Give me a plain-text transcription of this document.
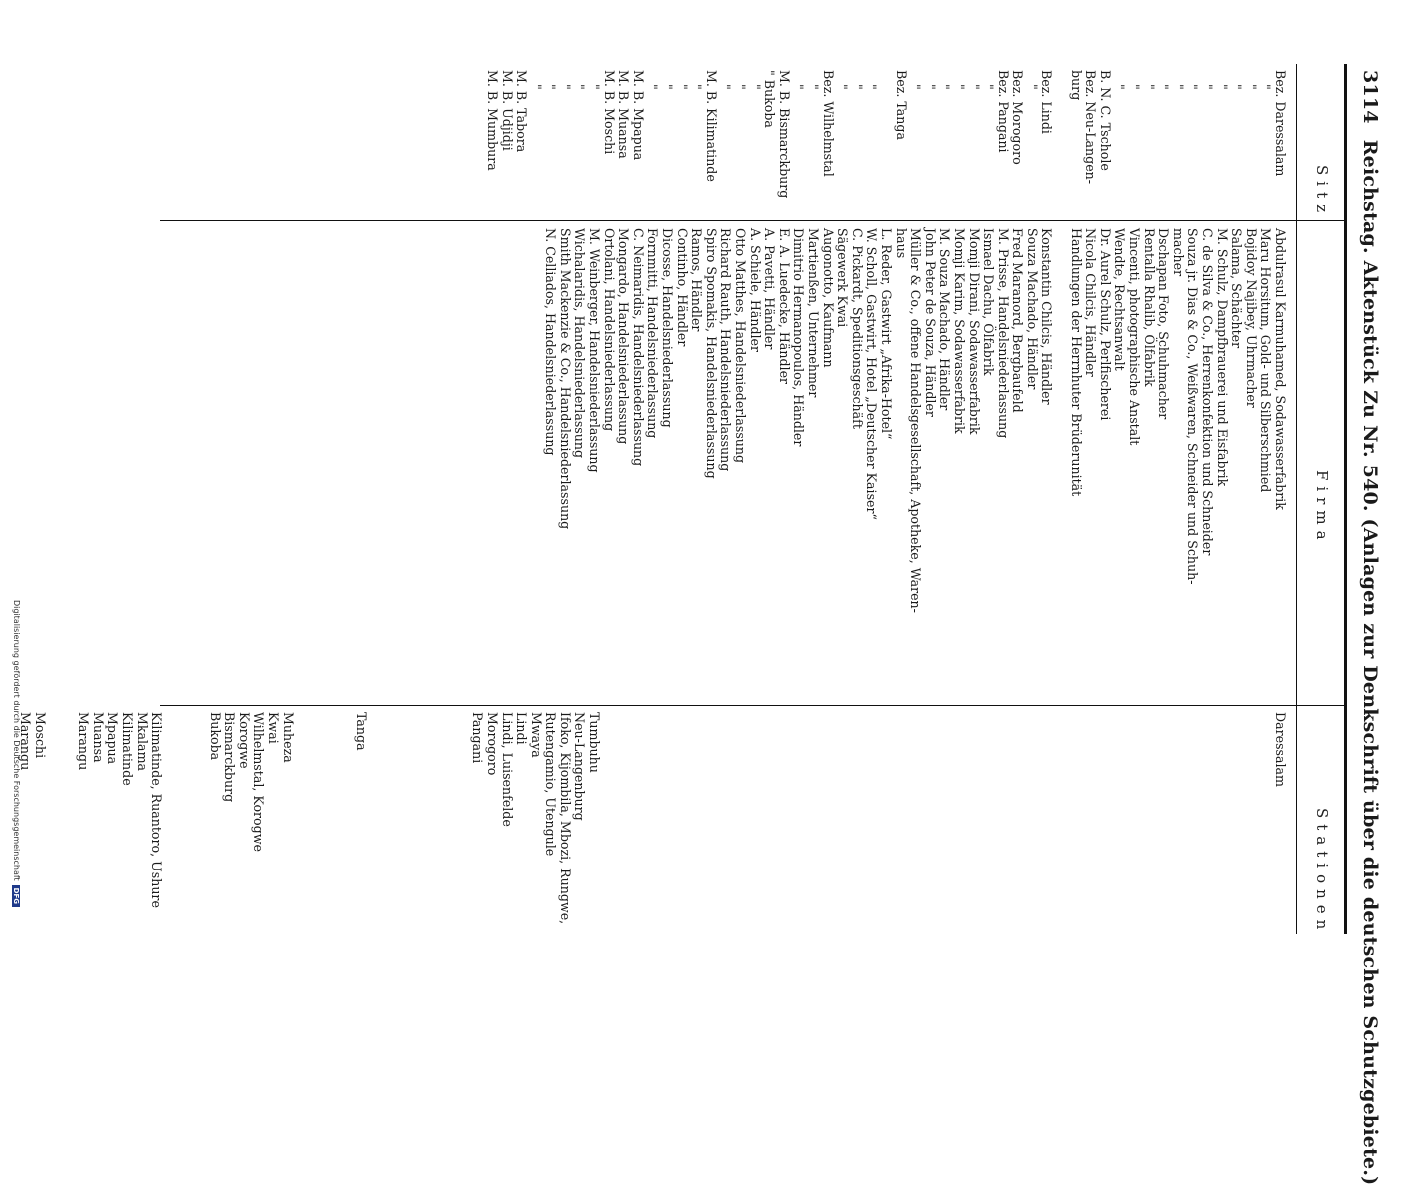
3114Reichstag. Aktenstück Zu Nr. 540. (Anlagen zur Denkschrift über die deutschen Schutzgebiete.)
Sitz
Firma
Stationen
Bez. Daressalam
"
"
"
"
"
"
"
"
"
"
"
B. N. C. Tschole
Bez. Neu-Langen-
burg
Bez. Lindi
"
Bez. Morogoro
Bez. Pangani
"
"
"
"
"
"
Bez. Tanga
"
"
"
Bez. Wilhelmstal
"
"
M. B. Bismarckburg
" Bukoba
"
"
"
M. B. Kilimatinde
"
"
"
"
M. B. Mpapua
M. B. Muansa
M. B. Moschi
"
"
"
"
"
M. B. Tabora
M. B. Udjidji
M. B. Mumbura
Abdulrasul Karmuhamed, Sodawasserfabrik
Maru Horsitum, Gold- und Silberschmied
Bojidoy Najibey, Uhrmacher
Salama, Schächter
M. Schulz, Dampfbrauerei und Eisfabrik
C. de Silva & Co., Herrenkonfektion und Schneider
Souza jr. Dias & Co., Weißwaren, Schneider und Schuh-
macher
Dschapan Foto, Schuhmacher
Rentalla Rhalib, Ölfabrik
Vincenti, photographische Anstalt
Wendte, Rechtsanwalt
Dr. Aurel Schulz, Perlfischerei
Nicola Chilcis, Händler
Handlungen der Herrnhuter Brüderunität
Konstantin Chilcis, Händler
Souza Machado, Händler
Fred Maranord, Bergbaufeld
M. Prisse, Handelsniederlassung
Ismael Dachu, Ölfabrik
Momji Dirani, Sodawasserfabrik
Momji Karim, Sodawasserfabrik
M. Souza Machado, Händler
John Peter de Souza, Händler
Müller & Co., offene Handelsgesellschaft, Apotheke, Waren-
haus
L. Reder, Gastwirt „Afrika-Hotel“
W. Scholl, Gastwirt, Hotel „Deutscher Kaiser“
C. Pickardt, Speditionsgeschäft
Sägewerk Kwai
Augonotto, Kaufmann
Martienßen, Unternehmer
Dimitrio Hermanopoulos, Händler
E. A. Luedecke, Händler
A. Pavetti, Händler
A. Schiele, Händler
Otto Matthes, Handelsniederlassung
Richard Rauth, Handelsniederlassung
Spiro Spomakis, Handelsniederlassung
Ramos, Händler
Continho, Händler
Dicosse, Handelsniederlassung
Fornmitti, Handelsniederlassung
C. Neimaridis, Handelsniederlassung
Mongardo, Handelsniederlassung
Ortolani, Handelsniederlassung
M. Weinberger, Handelsniederlassung
Wichalaridis, Handelsniederlassung
Smith Mackenzie & Co., Handelsniederlassung
N. Celliados, Handelsniederlassung
Daressalam
Tumbuhu
Neu-Langenburg
Ifoko, Kijombila, Mbozi, Rungwe,
Rutengamio, Utengule
Mwaya
Lindi
Lindi, Luisenfelde
Morogoro
Pangani
Tanga
Muheza
Kwai
Wilhelmstal, Korogwe
Korogwe
Bismarckburg
Bukoba
Kilimatinde, Ruantoro, Ushure
Mkalama
Kilimatinde
Mpapua
Muansa
Marangu
Moschi
Marangu
Digitalisierung gefördert durch die Deutsche ForschungsgemeinschaftDFG
